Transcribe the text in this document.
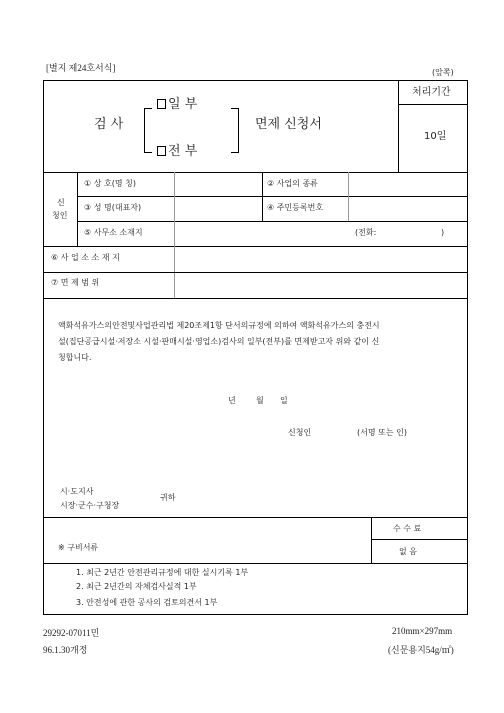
[별지 제24호서식]	(앞쪽)
검 사
일 부
전 부
면제 신청서
처리기간
10일
신
청인
① 상 호(명 칭)	② 사업의 종류
③ 성 명(대표자)	④ 주민등록번호
⑤ 사무소 소재지	(전화:	)
⑥ 사 업 소 소 재 지
⑦ 면 제 범 위
액화석유가스의안전및사업관리법 제20조제1항 단서의규정에 의하여 액화석유가스의 충전시
설(집단공급시설·저장소 시설·판매시설·영업소)검사의 일부(전부)를 면제받고자 위와 같이 신
청합니다.
년	월 일
신청인	(서명 또는 인)
시·도지사
시장·군수·구청장
귀하
수 수 료
없 음
※ 구비서류
1. 최근 2년간 안전관리규정에 대한 실시기록 1부
2. 최근 2년간의 자체검사실적 1부
3. 안전성에 관한 공사의 검토의견서 1부
29292-07011민
96.1.30개정
210mm×297mm
(신문용지54g/㎡)
